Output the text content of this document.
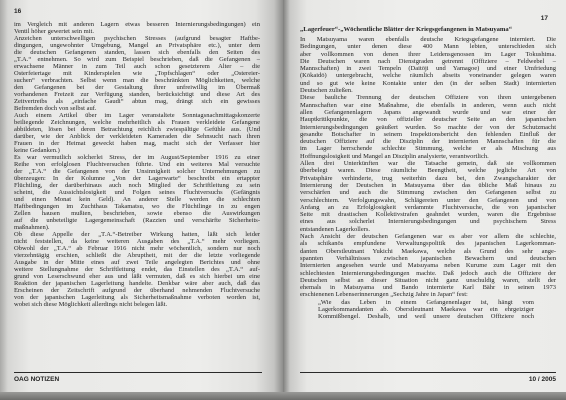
16
im Vergleich mit anderen Lagern etwas besseren Internierungsbedingungen) ein
Ventil höher gewertet sein mit.
Anzeichen unterschwelligen psychischen Stresses (aufgrund besagter Haftbe-
dingungen, ungewohnter Umgebung, Mangel an Privatsphäre etc.), unter dem
die deutschen Gefangenen standen, lassen sich ebenfalls den Seiten des
„T.A.“ entnehmen. So wird zum Beispiel beschrieben, daß die Gefangenen –
erwachsene Männer in zum Teil auch schon gesetzterem Alter – die
Osterfeiertage mit Kinderspielen wie „Topfschlagen“ oder „Ostereier-
suchen“ verbrachten. Selbst wenn man die beschränkten Möglichkeiten, welche
den Gefangenen bei der Gestaltung ihrer unfreiwillig im Übermaß
vorhandenen Freizeit zur Verfügung standen, berücksichtigt und diese Art des
Zeitvertreibs als „einfache Gaudi“ abtun mag, drängt sich ein gewisses
Befremden doch von selbst auf.
Auch einem Artikel über im Lager veranstaltete Sonntagsnachmittagskonzerte
beiliegende Zeichnungen, welche mehrheitlich als Frauen verkleidete Gefangene
abbildeten, lösen bei deren Betrachtung reichlich zwiespältige Gefühle aus. (Und
darüber, wie der Anblick der verkleideten Kameraden die Sehnsucht nach ihren
Frauen in der Heimat geweckt haben mag, macht sich der Verfasser hier
keine Gedanken.)
Es war vermutlich solcherlei Stress, der im August/September 1916 zu einer
Reihe von erfolglosen Fluchtversuchen führte. Und ein weiteres Mal versuchte
der „T.A.“ die Gefangenen von der Unsinnigkeit solcher Unternehmungen zu
überzeugen: In der Kolumne „Von der Lagerwarte“ beschreibt ein ertappter
Flüchtling, der darüberhinaus auch noch Mitglied der Schriftleitung zu sein
scheint, die Aussichtslosigkeit und Folgen seines Fluchtversuchs (Gefängnis
und einen Monat kein Geld). An anderer Stelle werden die schlechten
Haftbedingungen im Zuchthaus Takamatsu, wo die Flüchtlinge in zu engen
Zellen hausen mußten, beschrieben, sowie ebenso die Auswirkungen
auf die unbeteiligte Lagergemeinschaft (Razzien und verschärfte Sicherheits-
maßnahmen).
Ob diese Appelle der „T.A.“-Betreiber Wirkung hatten, läßt sich leider
nicht feststellen, da keine weiteren Ausgaben des „T.A.“ mehr vorliegen.
Obwohl der „T.A.“ ab Februar 1916 nicht mehr wöchentlich, sondern nur noch
vierzehntägig erschien, schließt die Abruptheit, mit der die letzte vorliegende
Ausgabe in der Mitte eines auf zwei Teile angelegten Berichtes und ohne
weitere Stellungnahme der Schriftleitung endet, das Einstellen des „T.A.“ auf-
grund von Leserschwund eher aus und läßt vermuten, daß es sich hierbei um eine
Reaktion der japanischen Lagerleitung handelte. Denkbar wäre aber auch, daß das
Erscheinen der Zeitschrift aufgrund der überhand nehmenden Fluchtversuche
von der japanischen Lagerleitung als Sicherheitsmaßnahme verboten worden ist,
wobei sich diese Möglichkeit allerdings nicht belegen läßt.
OAG NOTIZEN
17
„Lagerfeuer“-„Wöchentliche Blätter der Kriegsgefangenen in Matsuyama“
In Matsuyama waren ebenfalls deutsche Kriegsgefangene interniert. Die
Bedingungen, unter denen diese 400 Mann lebten, unterschieden sich
aber vollkommen von denen ihrer Leidensgenossen im Lager Tokushima.
Die Deutschen waren nach Dienstgraden getrennt (Offiziere – Feldwebel –
Mannschaften) in zwei Tempeln (Daitōji und Yamagoe) und einer Umfriedung
(Kōkaidō) untergebracht, welche räumlich abseits voneinander gelegen waren
und so gut wie keine Kontakte unter den (in der selben Stadt) internierten
Deutschen zuließen.
Diese bauliche Trennung der deutschen Offiziere von ihren untergebenen
Mannschaften war eine Maßnahme, die ebenfalls in anderen, wenn auch nicht
allen Gefangenenlagern Japans angewandt wurde und war einer der
Hauptkritikpunkte, die von offizieller deutscher Seite an den japanischen
Internierungsbedingungen geäußert wurden. So machte der von der Schutzmacht
gesandte Botschafter in seinem Inspektionsbericht den fehlenden Einfluß der
deutschen Offiziere auf die Disziplin der internierten Mannschaften für die
im Lager herrschende schlechte Stimmung, welche er als Mischung aus
Hoffnungslosigkeit und Mangel an Disziplin analysierte, verantwortlich.
Allen drei Unterkünften war die Tatsache gemein, daß sie vollkommen
überbelegt waren. Diese räumliche Beengtheit, welche jegliche Art von
Privatsphäre verhinderte, trug weiterhin dazu bei, den Zwangscharakter der
Internierung der Deutschen in Matsuyama über das übliche Maß hinaus zu
verschärfen und auch die Stimmung zwischen den Gefangenen selbst zu
verschlechtern. Verfolgungswahn, Schlägereien unter den Gefangenen und von
Anfang an zu Erfolglosigkeit verdammte Fluchtversuche, die von japanischer
Seite mit drastischen Kollektivstrafen geahndet wurden, waren die Ergebnisse
eines aus solcherlei Internierungsbedingungen und psychischem Stress
entstandenen Lagerkollers.
Nach Ansicht der deutschen Gefangenen war es aber vor allem die schlechte,
als schikanös empfundene Verwaltungspolitik des japanischen Lagerkomman-
danten Oberstleutnant Yukichi Maekawa, welche als Grund des sehr ange-
spannten Verhältnisses zwischen japanischen Bewachern und deutschen
Internierten angesehen wurde und Matsuyama neben Kurume zum Lager mit den
schlechtesten Internierungsbedingungen machte. Daß jedoch auch die Offiziere der
Deutschen selbst an dieser Situation nicht ganz unschuldig waren, stellt der
ehemals in Matsuyama und Bando internierte Karl Bähr in seinen 1973
erschienenen Lebenserinnerungen „Sechzig Jahre in Japan“ fest:
„Wie das Leben in einem Gefangenenlager ist, hängt vom
Lagerkommandanten ab. Oberstleutnant Maekawa war ein ehrgeiziger
Kommißbengel. Deshalb, und weil unsere deutschen Offiziere noch
10 / 2005
